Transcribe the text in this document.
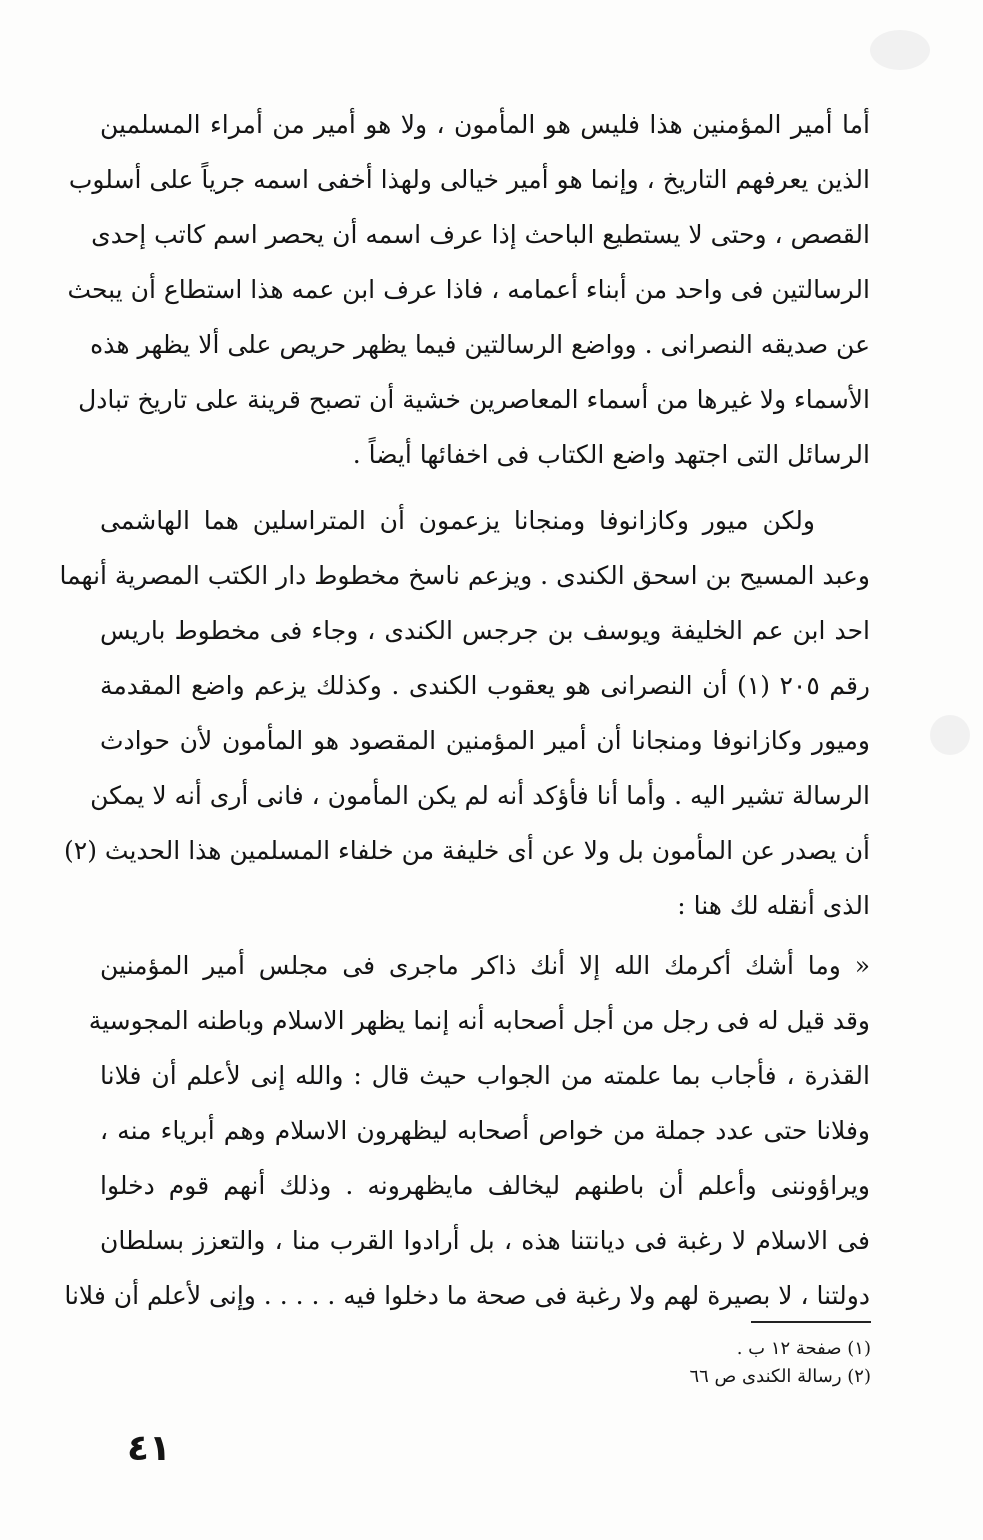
أما أمير المؤمنين هذا فليس هو المأمون ، ولا هو أمير من أمراء المسلمين
الذين يعرفهم التاريخ ، وإنما هو أمير خيالى ولهذا أخفى اسمه جرياً على أسلوب
القصص ، وحتى لا يستطيع الباحث إذا عرف اسمه أن يحصر اسم كاتب إحدى
الرسالتين فى واحد من أبناء أعمامه ، فاذا عرف ابن عمه هذا استطاع أن يبحث
عن صديقه النصرانى . وواضع الرسالتين فيما يظهر حريص على ألا يظهر هذه
الأسماء ولا غيرها من أسماء المعاصرين خشية أن تصبح قرينة على تاريخ تبادل
الرسائل التى اجتهد واضع الكتاب فى اخفائها أيضاً .
ولكن ميور وكازانوفا ومنجانا يزعمون أن المتراسلين هما الهاشمى
وعبد المسيح بن اسحق الكندى . ويزعم ناسخ مخطوط دار الكتب المصرية أنهما
احد ابن عم الخليفة ويوسف بن جرجس الكندى ، وجاء فى مخطوط باريس
رقم ٢٠٥ (١) أن النصرانى هو يعقوب الكندى . وكذلك يزعم واضع المقدمة
وميور وكازانوفا ومنجانا أن أمير المؤمنين المقصود هو المأمون لأن حوادث
الرسالة تشير اليه . وأما أنا فأؤكد أنه لم يكن المأمون ، فانى أرى أنه لا يمكن
أن يصدر عن المأمون بل ولا عن أى خليفة من خلفاء المسلمين هذا الحديث (٢)
الذى أنقله لك هنا :
« وما أشك أكرمك الله إلا أنك ذاكر ماجرى فى مجلس أمير المؤمنين
وقد قيل له فى رجل من أجل أصحابه أنه إنما يظهر الاسلام وباطنه المجوسية
القذرة ، فأجاب بما علمته من الجواب حيث قال : والله إنى لأعلم أن فلانا
وفلانا حتى عدد جملة من خواص أصحابه ليظهرون الاسلام وهم أبرياء منه ،
ويراؤوننى وأعلم أن باطنهم ليخالف مايظهرونه . وذلك أنهم قوم دخلوا
فى الاسلام لا رغبة فى ديانتنا هذه ، بل أرادوا القرب منا ، والتعزز بسلطان
دولتنا ، لا بصيرة لهم ولا رغبة فى صحة ما دخلوا فيه . . . . . وإنى لأعلم أن فلانا
(١) صفحة ١٢ ب .
(٢) رسالة الكندى ص ٦٦
٤١
